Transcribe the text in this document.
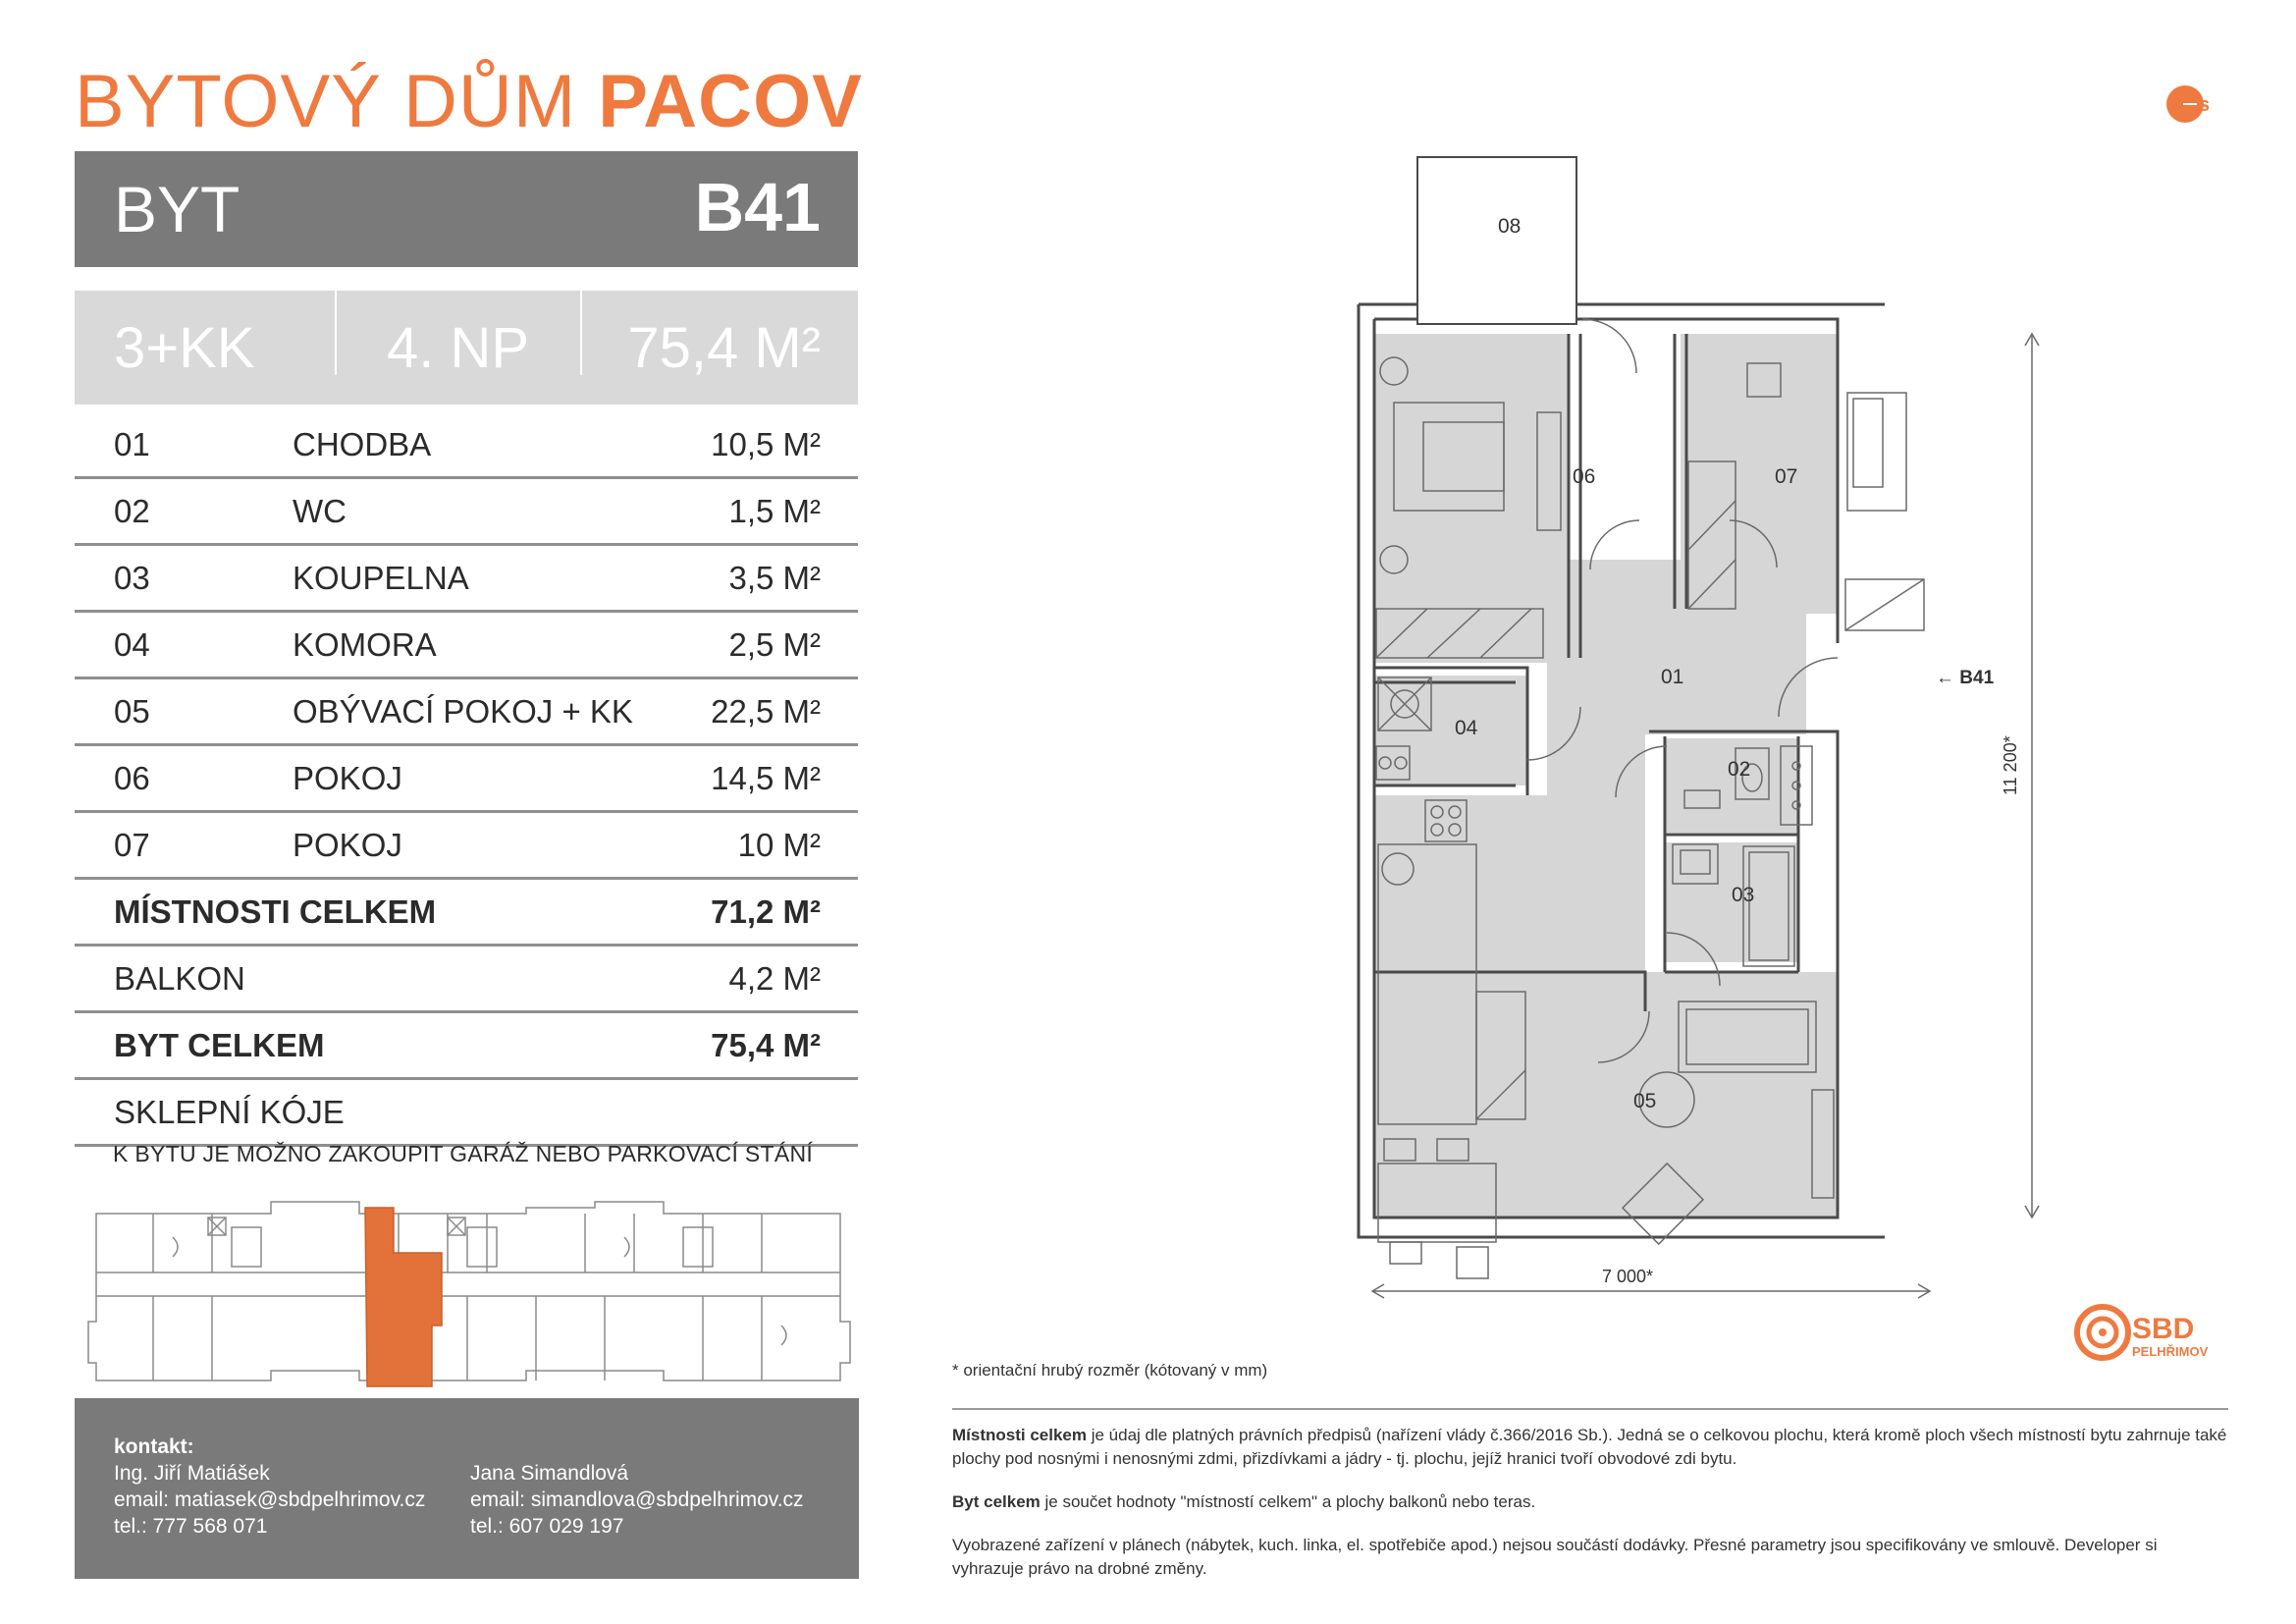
BYTOVÝ DŮM PACOV
BYT	B41
3+KK 4. NP 75,4 M²
01	CHODBA	10,5 M²
02	WC	1,5 M²
03	KOUPELNA	3,5 M²
04	KOMORA	2,5 M²
05	OBÝVACÍ POKOJ + KK 22,5 M²
06	POKOJ	14,5 M²
07	POKOJ	10 M²
MÍSTNOSTI CELKEM	71,2 M²
BALKON	4,2 M²
BYT CELKEM	75,4 M²
SKLEPNÍ KÓJE
K BYTU JE MOŽNO ZAKOUPIT GARÁŽ NEBO PARKOVACÍ STÁNÍ
kontakt:
Ing. Jiří Matiášek
email: matiasek@sbdpelhrimov.cz
tel.: 777 568 071
Jana Simandlová
email: simandlova@sbdpelhrimov.cz
tel.: 607 029 197
s
08
01
02
03
04
05
06	07
← B41
7 000*
11 200*
SBD
PELHŘIMOV
* orientační hrubý rozměr (kótovaný v mm)
Místnosti celkem je údaj dle platných právních předpisů (nařízení vlády č.366/2016 Sb.). Jedná se o celkovou plochu, která kromě ploch všech místností bytu zahrnuje také plochy pod nosnými i nenosnými zdmi, přizdívkami a jádry - tj. plochu, jejíž hranici tvoří obvodové zdi bytu.
Byt celkem je součet hodnoty "místností celkem" a plochy balkonů nebo teras.
Vyobrazené zařízení v plánech (nábytek, kuch. linka, el. spotřebiče apod.) nejsou součástí dodávky. Přesné parametry jsou specifikovány ve smlouvě. Developer si vyhrazuje právo na drobné změny.
